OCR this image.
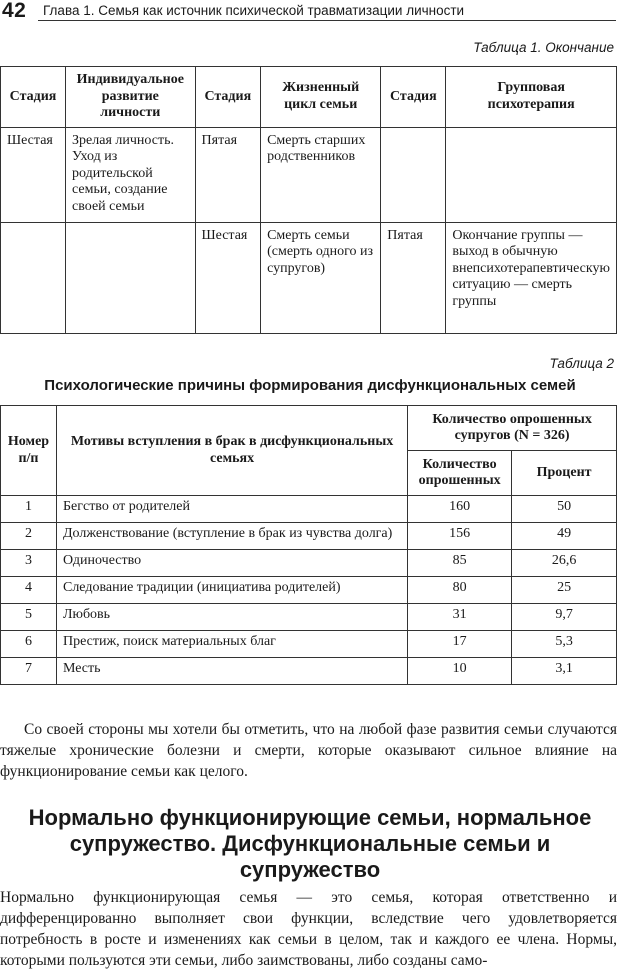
42 Глава 1. Семья как источник психической травматизации личности
Таблица 1. Окончание
Стадия	Индивидуальное развитие личности	Стадия	Жизненный цикл семьи	Стадия	Групповая психотерапия
Шестая	Зрелая личность. Уход из родительской семьи, создание своей семьи	Пятая	Смерть старших родственников		
		Шестая	Смерть семьи (смерть одного из супругов)	Пятая	Окончание группы — выход в обычную внепсихотерапевтическую ситуацию — смерть группы
Таблица 2
Психологические причины формирования дисфункциональных семей
Номер п/п	Мотивы вступления в брак в дисфункциональных семьях	Количество опрошенных супругов (N = 326)	
		Количество опрошенных	Процент
1	Бегство от родителей	160	50
2	Долженствование (вступление в брак из чувства долга)	156	49
3	Одиночество	85	26,6
4	Следование традиции (инициатива родителей)	80	25
5	Любовь	31	9,7
6	Престиж, поиск материальных благ	17	5,3
7	Месть	10	3,1
Со своей стороны мы хотели бы отметить, что на любой фазе развития семьи случаются тяжелые хронические болезни и смерти, которые оказывают сильное влияние на функционирование семьи как целого.
Нормально функционирующие семьи, нормальное супружество. Дисфункциональные семьи и супружество
Нормально функционирующая семья — это семья, которая ответственно и дифференцированно выполняет свои функции, вследствие чего удовлетворяется потребность в росте и изменениях как семьи в целом, так и каждого ее члена. Нормы, которыми пользуются эти семьи, либо заимствованы, либо созданы само-
